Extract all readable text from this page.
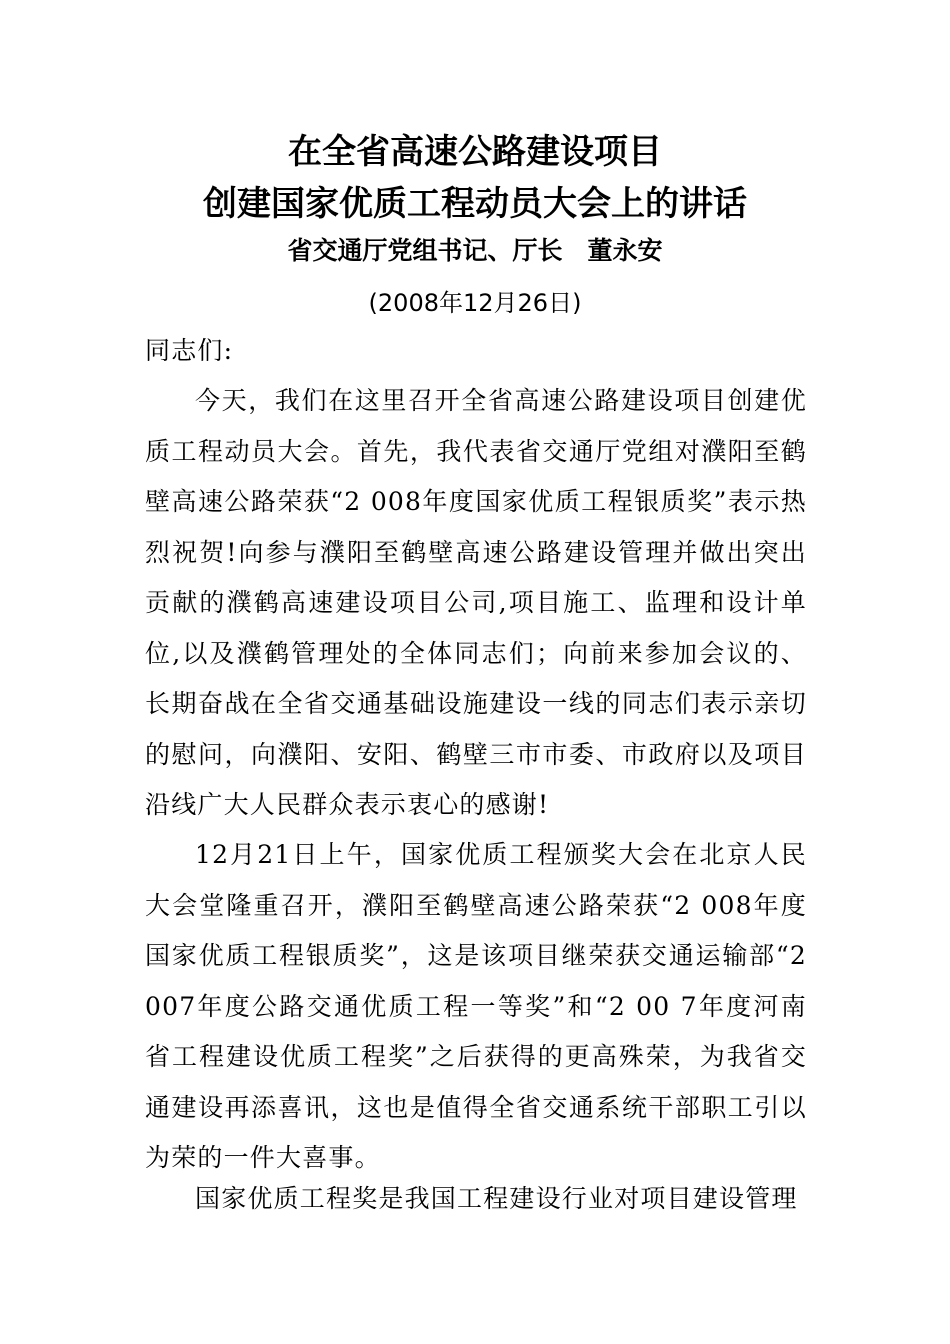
在全省高速公路建设项目
创建国家优质工程动员大会上的讲话
省交通厅党组书记、厅长　董永安
(2008年12月26日)

同志们:

今天，我们在这里召开全省高速公路建设项目创建优质工程动员大会。首先，我代表省交通厅党组对濮阳至鹤壁高速公路荣获“2 008年度国家优质工程银质奖”表示热烈祝贺!向参与濮阳至鹤壁高速公路建设管理并做出突出贡献的濮鹤高速建设项目公司,项目施工、监理和设计单位,以及濮鹤管理处的全体同志们；向前来参加会议的、长期奋战在全省交通基础设施建设一线的同志们表示亲切的慰问，向濮阳、安阳、鹤壁三市市委、市政府以及项目沿线广大人民群众表示衷心的感谢!

12月21日上午，国家优质工程颁奖大会在北京人民大会堂隆重召开，濮阳至鹤壁高速公路荣获“2 008年度国家优质工程银质奖”，这是该项目继荣获交通运输部“2 007年度公路交通优质工程一等奖”和“2 00 7年度河南省工程建设优质工程奖”之后获得的更高殊荣，为我省交通建设再添喜讯，这也是值得全省交通系统干部职工引以为荣的一件大喜事。

国家优质工程奖是我国工程建设行业对项目建设管理
